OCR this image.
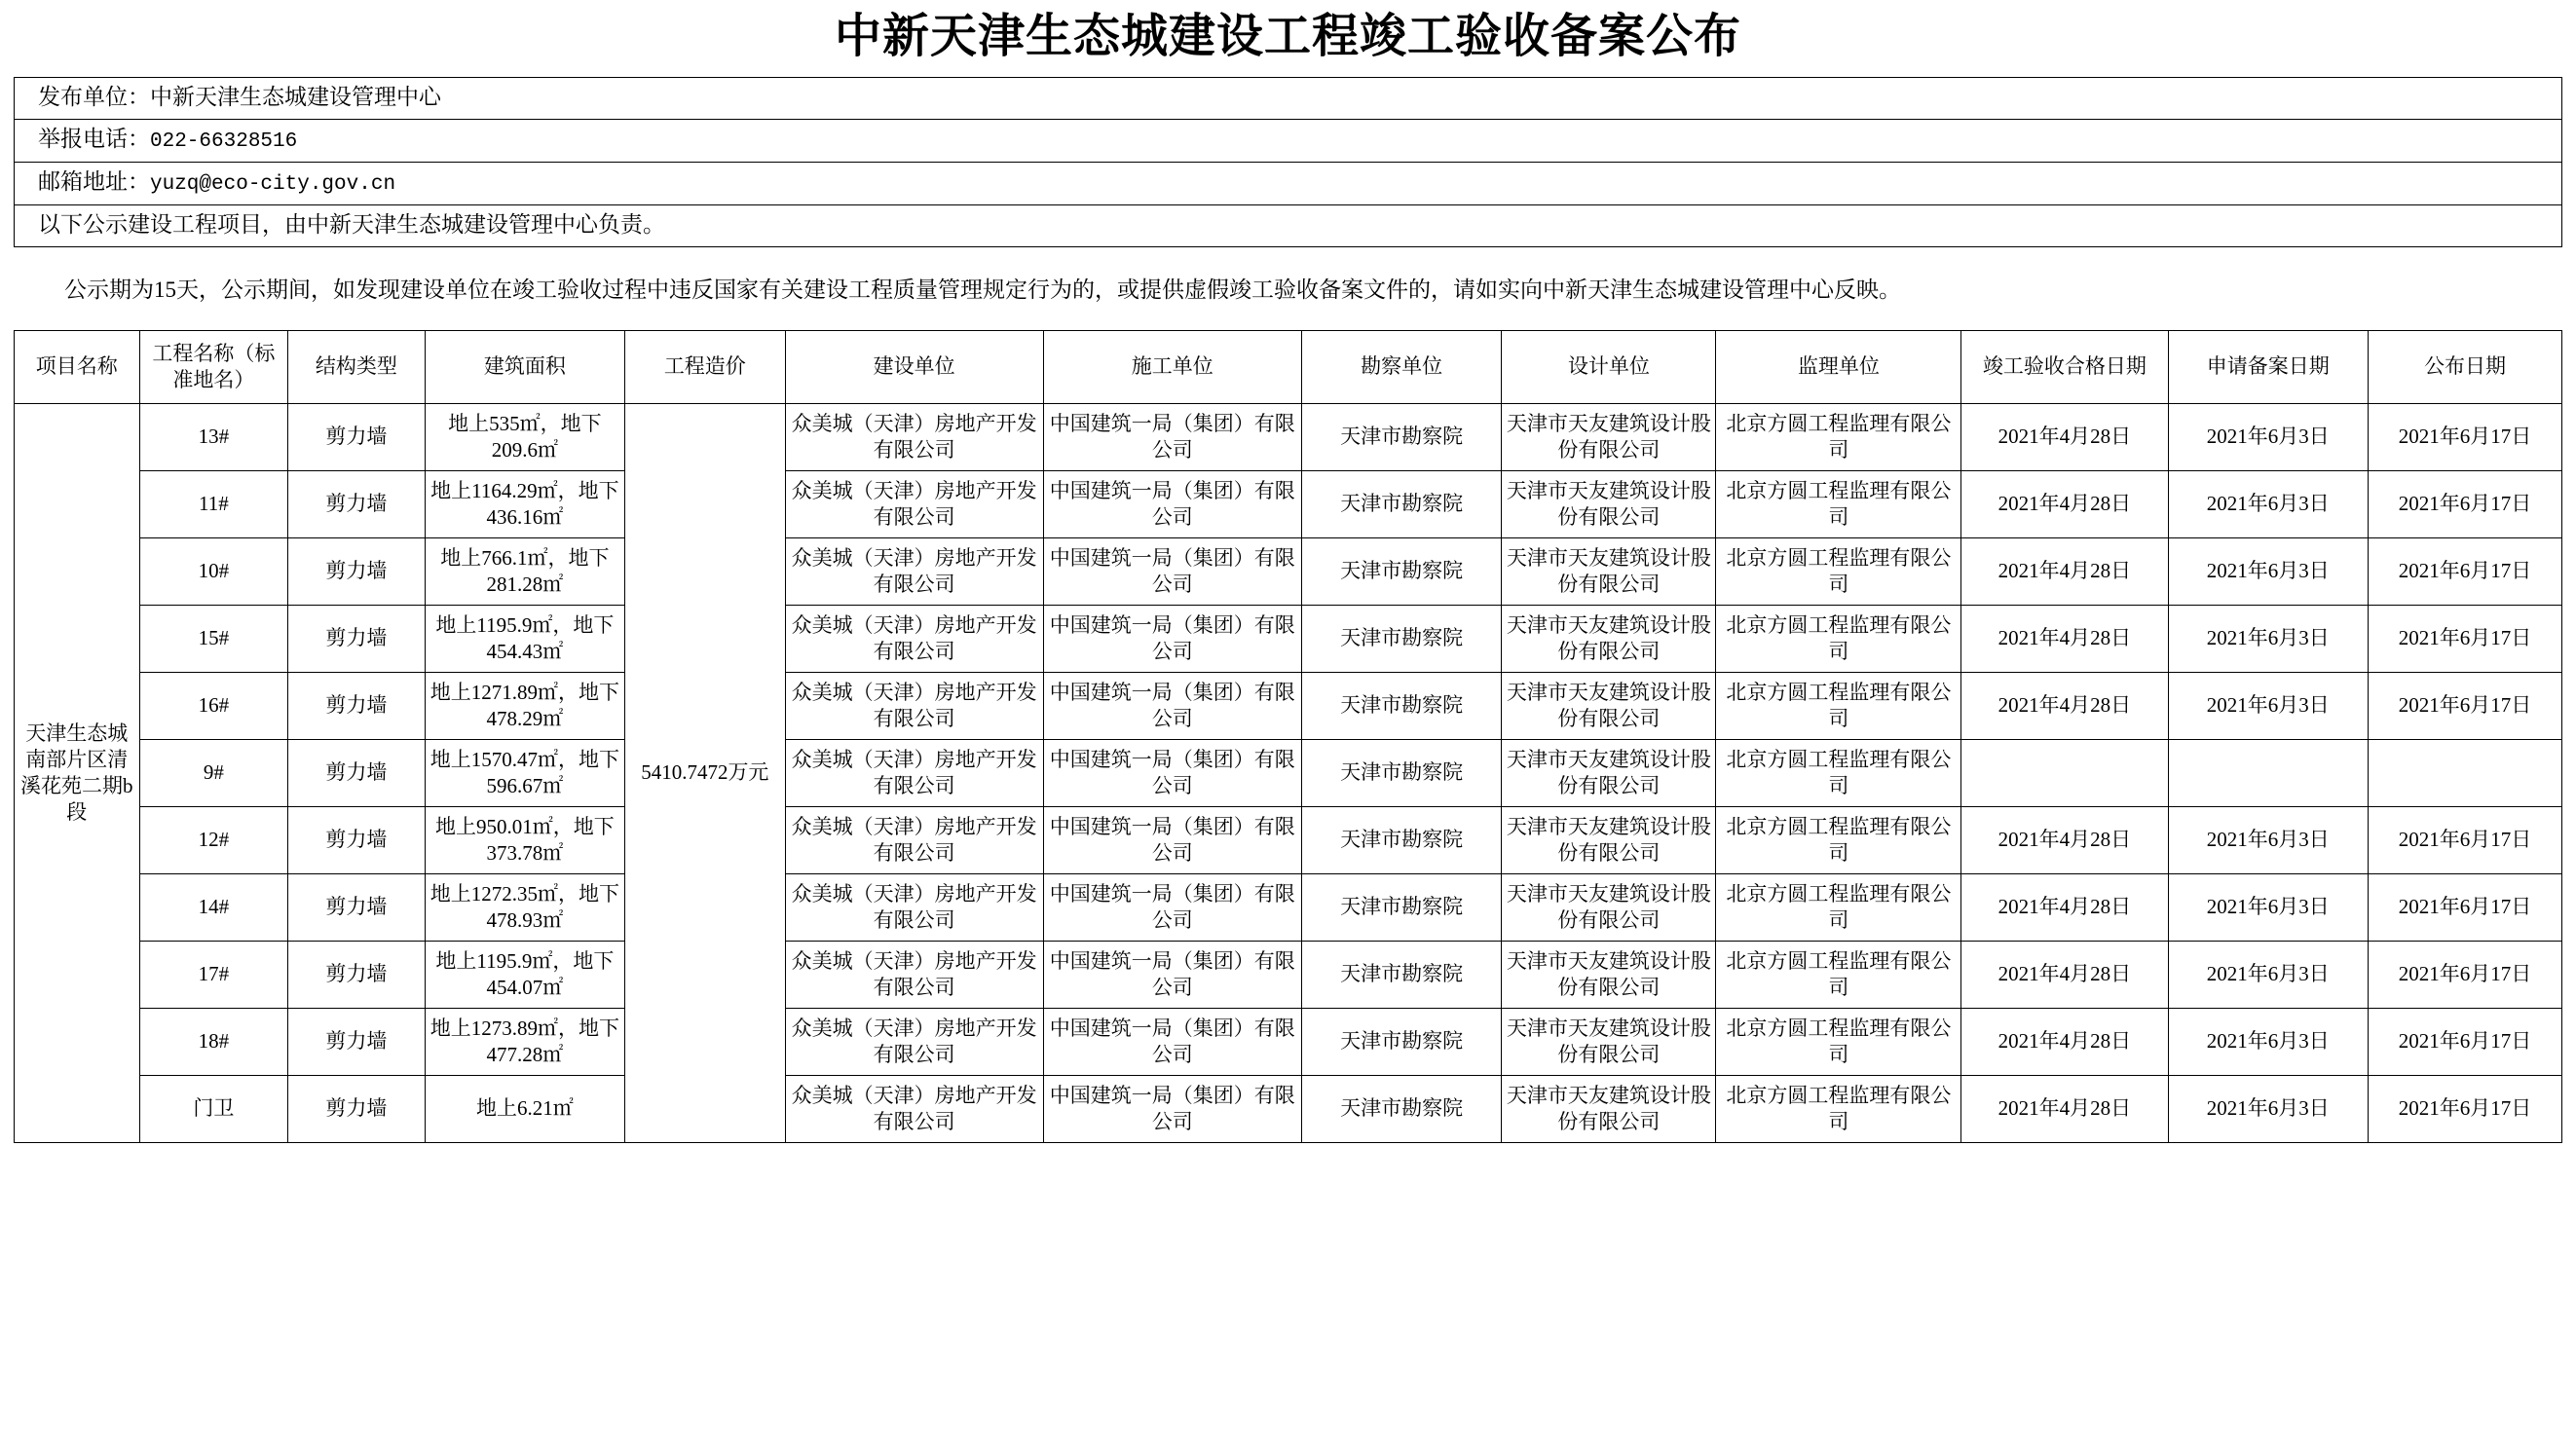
中新天津生态城建设工程竣工验收备案公布
发布单位：中新天津生态城建设管理中心
举报电话：022-66328516
邮箱地址：yuzq@eco-city.gov.cn
以下公示建设工程项目，由中新天津生态城建设管理中心负责。
公示期为15天，公示期间，如发现建设单位在竣工验收过程中违反国家有关建设工程质量管理规定行为的，或提供虚假竣工验收备案文件的，请如实向中新天津生态城建设管理中心反映。
项目名称	工程名称（标准地名）	结构类型	建筑面积	工程造价	建设单位	施工单位	勘察单位	设计单位	监理单位	竣工验收合格日期	申请备案日期	公布日期
天津生态城南部片区清溪花苑二期b段	13#	剪力墙	地上535㎡，地下209.6㎡	5410.7472万元	众美城（天津）房地产开发有限公司	中国建筑一局（集团）有限公司	天津市勘察院	天津市天友建筑设计股份有限公司	北京方圆工程监理有限公司	2021年4月28日	2021年6月3日	2021年6月17日
	11#	剪力墙	地上1164.29㎡，地下436.16㎡		众美城（天津）房地产开发有限公司	中国建筑一局（集团）有限公司	天津市勘察院	天津市天友建筑设计股份有限公司	北京方圆工程监理有限公司	2021年4月28日	2021年6月3日	2021年6月17日
	10#	剪力墙	地上766.1㎡，地下281.28㎡		众美城（天津）房地产开发有限公司	中国建筑一局（集团）有限公司	天津市勘察院	天津市天友建筑设计股份有限公司	北京方圆工程监理有限公司	2021年4月28日	2021年6月3日	2021年6月17日
	15#	剪力墙	地上1195.9㎡，地下454.43㎡		众美城（天津）房地产开发有限公司	中国建筑一局（集团）有限公司	天津市勘察院	天津市天友建筑设计股份有限公司	北京方圆工程监理有限公司	2021年4月28日	2021年6月3日	2021年6月17日
	16#	剪力墙	地上1271.89㎡，地下478.29㎡		众美城（天津）房地产开发有限公司	中国建筑一局（集团）有限公司	天津市勘察院	天津市天友建筑设计股份有限公司	北京方圆工程监理有限公司	2021年4月28日	2021年6月3日	2021年6月17日
	9#	剪力墙	地上1570.47㎡，地下596.67㎡		众美城（天津）房地产开发有限公司	中国建筑一局（集团）有限公司	天津市勘察院	天津市天友建筑设计股份有限公司	北京方圆工程监理有限公司			
	12#	剪力墙	地上950.01㎡，地下373.78㎡		众美城（天津）房地产开发有限公司	中国建筑一局（集团）有限公司	天津市勘察院	天津市天友建筑设计股份有限公司	北京方圆工程监理有限公司	2021年4月28日	2021年6月3日	2021年6月17日
	14#	剪力墙	地上1272.35㎡，地下478.93㎡		众美城（天津）房地产开发有限公司	中国建筑一局（集团）有限公司	天津市勘察院	天津市天友建筑设计股份有限公司	北京方圆工程监理有限公司	2021年4月28日	2021年6月3日	2021年6月17日
	17#	剪力墙	地上1195.9㎡，地下454.07㎡		众美城（天津）房地产开发有限公司	中国建筑一局（集团）有限公司	天津市勘察院	天津市天友建筑设计股份有限公司	北京方圆工程监理有限公司	2021年4月28日	2021年6月3日	2021年6月17日
	18#	剪力墙	地上1273.89㎡，地下477.28㎡		众美城（天津）房地产开发有限公司	中国建筑一局（集团）有限公司	天津市勘察院	天津市天友建筑设计股份有限公司	北京方圆工程监理有限公司	2021年4月28日	2021年6月3日	2021年6月17日
	门卫	剪力墙	地上6.21㎡		众美城（天津）房地产开发有限公司	中国建筑一局（集团）有限公司	天津市勘察院	天津市天友建筑设计股份有限公司	北京方圆工程监理有限公司	2021年4月28日	2021年6月3日	2021年6月17日
